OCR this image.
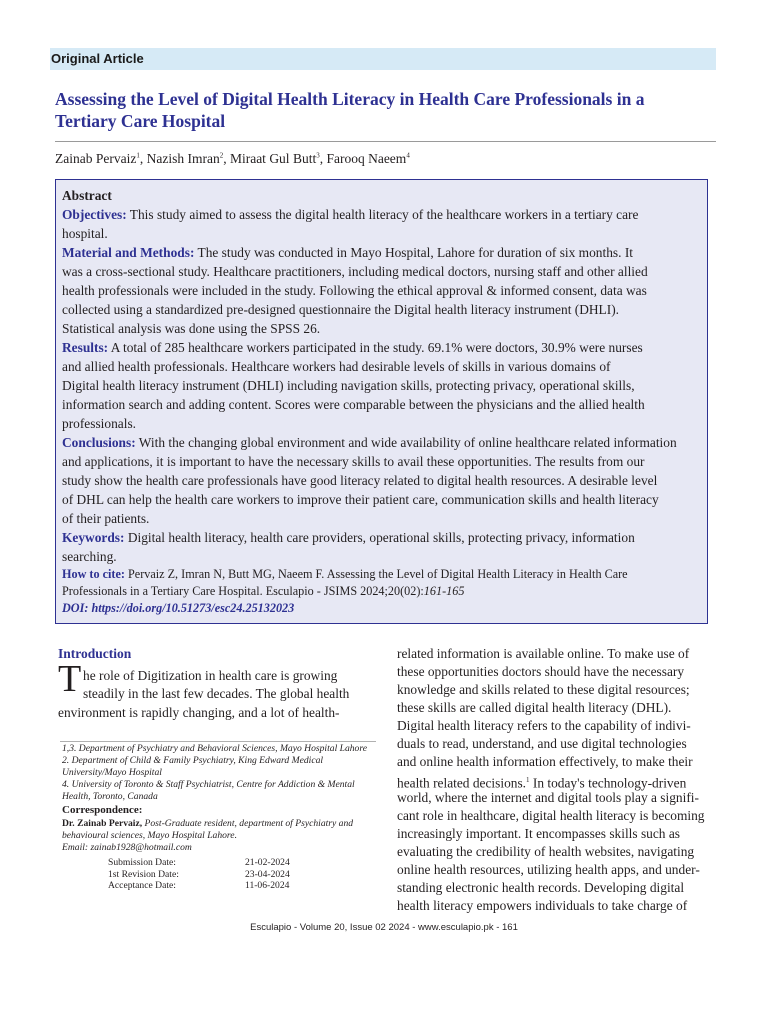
Original Article
Assessing the Level of Digital Health Literacy in Health Care Professionals in a
Tertiary Care Hospital
Zainab Pervaiz$^1$, Nazish Imran$^2$, Miraat Gul Butt$^3$, Farooq Naeem$^4$

Abstract

Objectives: This study aimed to assess the digital health literacy of the healthcare workers in a tertiary care
hospital.

Material and Methods: The study was conducted in Mayo Hospital, Lahore for duration of six months. It
was a cross-sectional study. Healthcare practitioners, including medical doctors, nursing staff and other allied
health professionals were included in the study. Following the ethical approval & informed consent, data was
collected using a standardized pre-designed questionnaire the Digital health literacy instrument (DHLI).
Statistical analysis was done using the SPSS 26.

Results: A total of 285 healthcare workers participated in the study. 69.1% were doctors, 30.9% were nurses
and allied health professionals. Healthcare workers had desirable levels of skills in various domains of
Digital health literacy instrument (DHLI) including navigation skills, protecting privacy, operational skills,
information search and adding content. Scores were comparable between the physicians and the allied health
professionals.

Conclusions: With the changing global environment and wide availability of online healthcare related information
and applications, it is important to have the necessary skills to avail these opportunities. The results from our
study show the health care professionals have good literacy related to digital health resources. A desirable level
of DHL can help the health care workers to improve their patient care, communication skills and health literacy
of their patients.

Keywords: Digital health literacy, health care providers, operational skills, protecting privacy, information
searching.

How to cite: Pervaiz Z, Imran N, Butt MG, Naeem F. Assessing the Level of Digital Health Literacy in Health Care
Professionals in a Tertiary Care Hospital. Esculapio - JSIMS 2024;20(02):161-165

DOI: https://doi.org/10.51273/esc24.25132023

Introduction
T he role of Digitization in health care is growing
steadily in the last few decades. The global health
environment is rapidly changing, and a lot of health-
1,3. Department of Psychiatry and Behavioral Sciences, Mayo Hospital Lahore
2. Department of Child & Family Psychiatry, King Edward Medical
University/Mayo Hospital
4. University of Toronto & Staff Psychiatrist, Centre for Addiction & Mental
Health, Toronto, Canada
Correspondence:
Dr. Zainab Pervaiz, Post-Graduate resident, department of Psychiatry and
behavioural sciences, Mayo Hospital Lahore.
Email: zainab1928@hotmail.com
Submission Date:	21-02-2024
1st Revision Date:	23-04-2024
Acceptance Date:	11-06-2024
related information is available online. To make use of
these opportunities doctors should have the necessary
knowledge and skills related to these digital resources;
these skills are called digital health literacy (DHL).
Digital health literacy refers to the capability of indivi-
duals to read, understand, and use digital technologies
and online health information effectively, to make their
health related decisions.$^1$ In today's technology-driven
world, where the internet and digital tools play a signifi-
cant role in healthcare, digital health literacy is becoming
increasingly important. It encompasses skills such as
evaluating the credibility of health websites, navigating
online health resources, utilizing health apps, and under-
standing electronic health records. Developing digital
health literacy empowers individuals to take charge of
Esculapio - Volume 20, Issue 02 2024 - www.esculapio.pk - 161
